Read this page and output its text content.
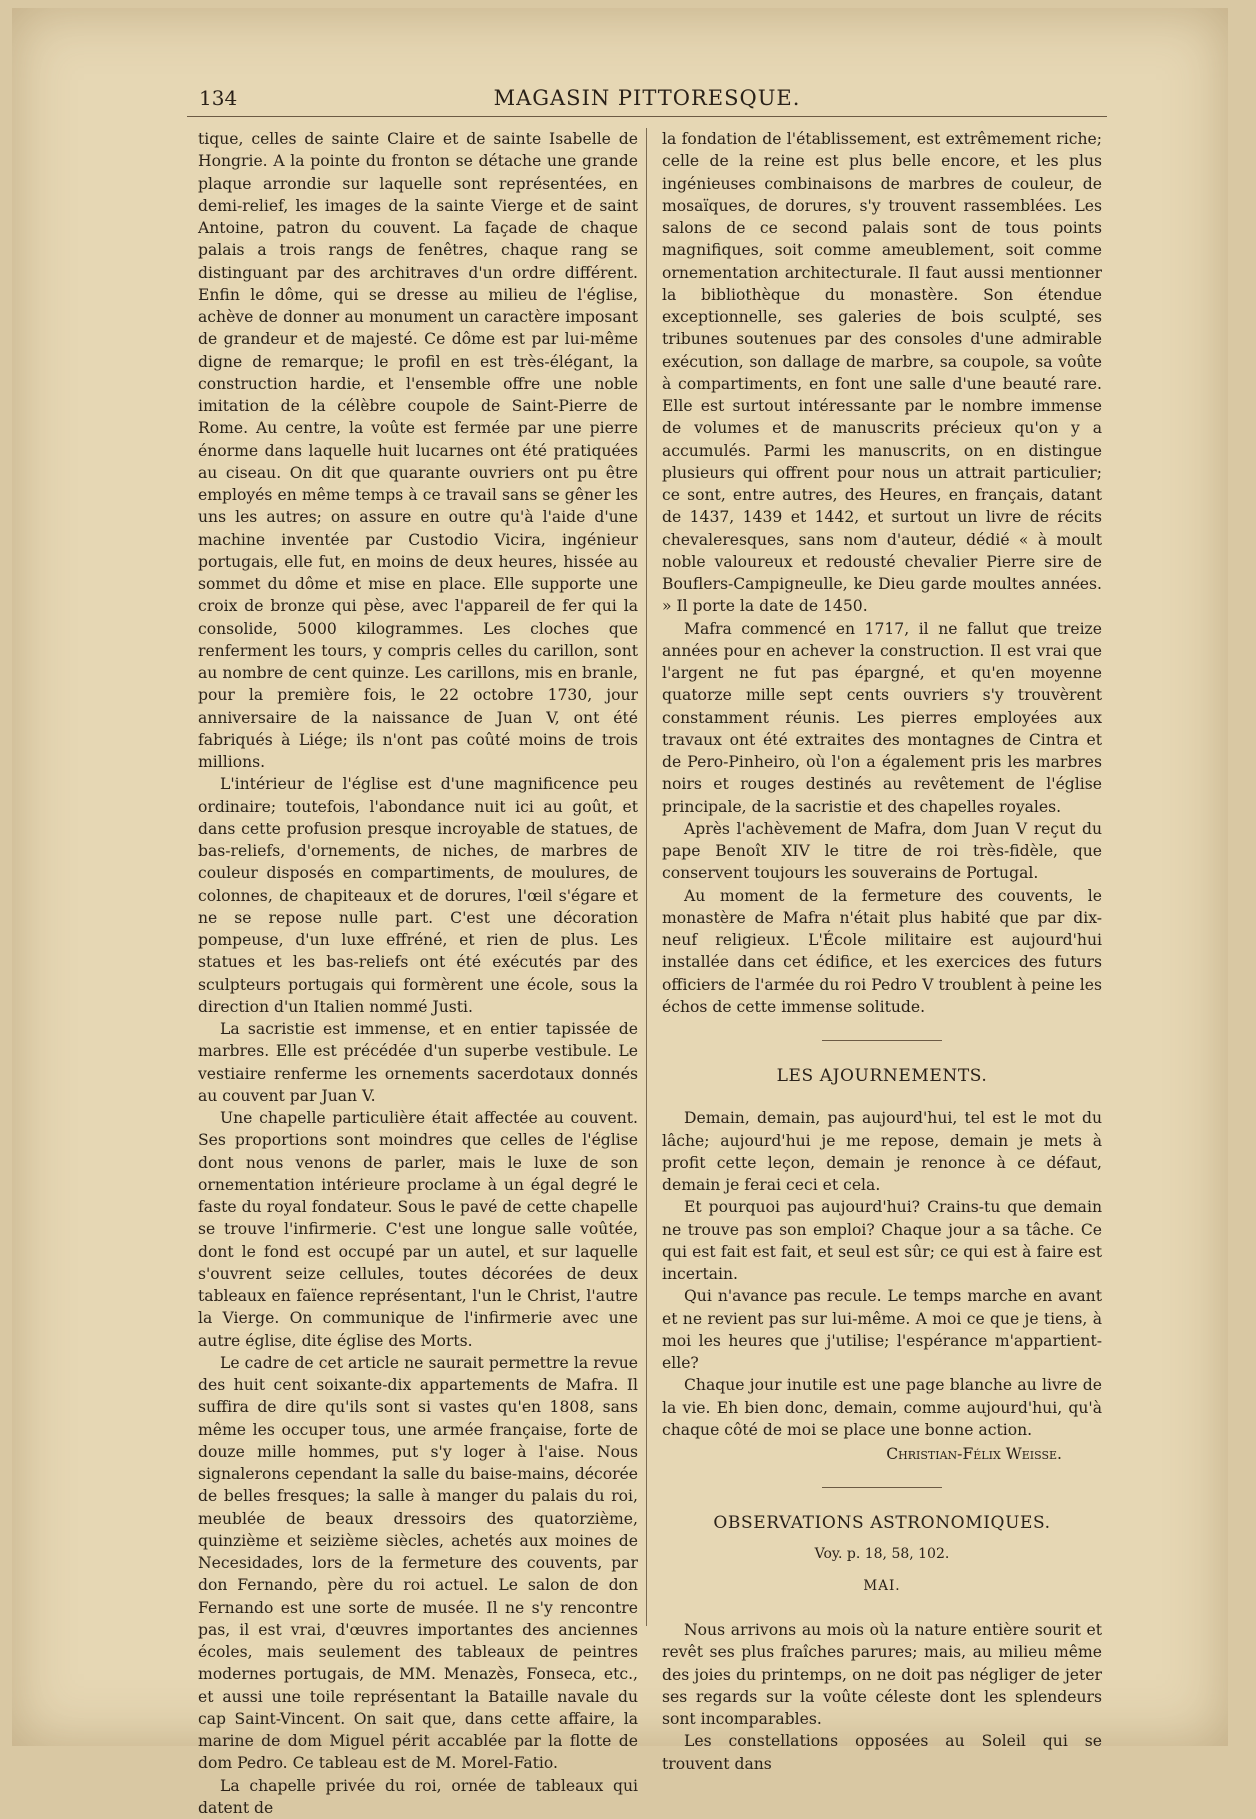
134	MAGASIN PITTORESQUE.

tique, celles de sainte Claire et de sainte Isabelle de Hongrie. A la pointe du fronton se détache une grande plaque arrondie sur laquelle sont représentées, en demi-relief, les images de la sainte Vierge et de saint Antoine, patron du couvent. La façade de chaque palais a trois rangs de fenêtres, chaque rang se distinguant par des architraves d'un ordre différent. Enfin le dôme, qui se dresse au milieu de l'église, achève de donner au monument un caractère imposant de grandeur et de majesté. Ce dôme est par lui-même digne de remarque; le profil en est très-élégant, la construction hardie, et l'ensemble offre une noble imitation de la célèbre coupole de Saint-Pierre de Rome. Au centre, la voûte est fermée par une pierre énorme dans laquelle huit lucarnes ont été pratiquées au ciseau. On dit que quarante ouvriers ont pu être employés en même temps à ce travail sans se gêner les uns les autres; on assure en outre qu'à l'aide d'une machine inventée par Custodio Vicira, ingénieur portugais, elle fut, en moins de deux heures, hissée au sommet du dôme et mise en place. Elle supporte une croix de bronze qui pèse, avec l'appareil de fer qui la consolide, 5000 kilogrammes. Les cloches que renferment les tours, y compris celles du carillon, sont au nombre de cent quinze. Les carillons, mis en branle, pour la première fois, le 22 octobre 1730, jour anniversaire de la naissance de Juan V, ont été fabriqués à Liége; ils n'ont pas coûté moins de trois millions.

L'intérieur de l'église est d'une magnificence peu ordinaire; toutefois, l'abondance nuit ici au goût, et dans cette profusion presque incroyable de statues, de bas-reliefs, d'ornements, de niches, de marbres de couleur disposés en compartiments, de moulures, de colonnes, de chapiteaux et de dorures, l'œil s'égare et ne se repose nulle part. C'est une décoration pompeuse, d'un luxe effréné, et rien de plus. Les statues et les bas-reliefs ont été exécutés par des sculpteurs portugais qui formèrent une école, sous la direction d'un Italien nommé Justi.

La sacristie est immense, et en entier tapissée de marbres. Elle est précédée d'un superbe vestibule. Le vestiaire renferme les ornements sacerdotaux donnés au couvent par Juan V.

Une chapelle particulière était affectée au couvent. Ses proportions sont moindres que celles de l'église dont nous venons de parler, mais le luxe de son ornementation intérieure proclame à un égal degré le faste du royal fondateur. Sous le pavé de cette chapelle se trouve l'infirmerie. C'est une longue salle voûtée, dont le fond est occupé par un autel, et sur laquelle s'ouvrent seize cellules, toutes décorées de deux tableaux en faïence représentant, l'un le Christ, l'autre la Vierge. On communique de l'infirmerie avec une autre église, dite église des Morts.

Le cadre de cet article ne saurait permettre la revue des huit cent soixante-dix appartements de Mafra. Il suffira de dire qu'ils sont si vastes qu'en 1808, sans même les occuper tous, une armée française, forte de douze mille hommes, put s'y loger à l'aise. Nous signalerons cependant la salle du baise-mains, décorée de belles fresques; la salle à manger du palais du roi, meublée de beaux dressoirs des quatorzième, quinzième et seizième siècles, achetés aux moines de Necesidades, lors de la fermeture des couvents, par don Fernando, père du roi actuel. Le salon de don Fernando est une sorte de musée. Il ne s'y rencontre pas, il est vrai, d'œuvres importantes des anciennes écoles, mais seulement des tableaux de peintres modernes portugais, de MM. Menazès, Fonseca, etc., et aussi une toile représentant la Bataille navale du cap Saint-Vincent. On sait que, dans cette affaire, la marine de dom Miguel périt accablée par la flotte de dom Pedro. Ce tableau est de M. Morel-Fatio.

La chapelle privée du roi, ornée de tableaux qui datent de

la fondation de l'établissement, est extrêmement riche; celle de la reine est plus belle encore, et les plus ingénieuses combinaisons de marbres de couleur, de mosaïques, de dorures, s'y trouvent rassemblées. Les salons de ce second palais sont de tous points magnifiques, soit comme ameublement, soit comme ornementation architecturale. Il faut aussi mentionner la bibliothèque du monastère. Son étendue exceptionnelle, ses galeries de bois sculpté, ses tribunes soutenues par des consoles d'une admirable exécution, son dallage de marbre, sa coupole, sa voûte à compartiments, en font une salle d'une beauté rare. Elle est surtout intéressante par le nombre immense de volumes et de manuscrits précieux qu'on y a accumulés. Parmi les manuscrits, on en distingue plusieurs qui offrent pour nous un attrait particulier; ce sont, entre autres, des Heures, en français, datant de 1437, 1439 et 1442, et surtout un livre de récits chevaleresques, sans nom d'auteur, dédié « à moult noble valoureux et redousté chevalier Pierre sire de Bouflers-Campigneulle, ke Dieu garde moultes années. » Il porte la date de 1450.

Mafra commencé en 1717, il ne fallut que treize années pour en achever la construction. Il est vrai que l'argent ne fut pas épargné, et qu'en moyenne quatorze mille sept cents ouvriers s'y trouvèrent constamment réunis. Les pierres employées aux travaux ont été extraites des montagnes de Cintra et de Pero-Pinheiro, où l'on a également pris les marbres noirs et rouges destinés au revêtement de l'église principale, de la sacristie et des chapelles royales.

Après l'achèvement de Mafra, dom Juan V reçut du pape Benoît XIV le titre de roi très-fidèle, que conservent toujours les souverains de Portugal.

Au moment de la fermeture des couvents, le monastère de Mafra n'était plus habité que par dix-neuf religieux. L'École militaire est aujourd'hui installée dans cet édifice, et les exercices des futurs officiers de l'armée du roi Pedro V troublent à peine les échos de cette immense solitude.

LES AJOURNEMENTS.

Demain, demain, pas aujourd'hui, tel est le mot du lâche; aujourd'hui je me repose, demain je mets à profit cette leçon, demain je renonce à ce défaut, demain je ferai ceci et cela.

Et pourquoi pas aujourd'hui? Crains-tu que demain ne trouve pas son emploi? Chaque jour a sa tâche. Ce qui est fait est fait, et seul est sûr; ce qui est à faire est incertain.

Qui n'avance pas recule. Le temps marche en avant et ne revient pas sur lui-même. A moi ce que je tiens, à moi les heures que j'utilise; l'espérance m'appartient-elle?

Chaque jour inutile est une page blanche au livre de la vie. Eh bien donc, demain, comme aujourd'hui, qu'à chaque côté de moi se place une bonne action.

Christian-Félix Weisse.

OBSERVATIONS ASTRONOMIQUES.

Voy. p. 18, 58, 102.

MAI.

Nous arrivons au mois où la nature entière sourit et revêt ses plus fraîches parures; mais, au milieu même des joies du printemps, on ne doit pas négliger de jeter ses regards sur la voûte céleste dont les splendeurs sont incomparables.

Les constellations opposées au Soleil qui se trouvent dans
